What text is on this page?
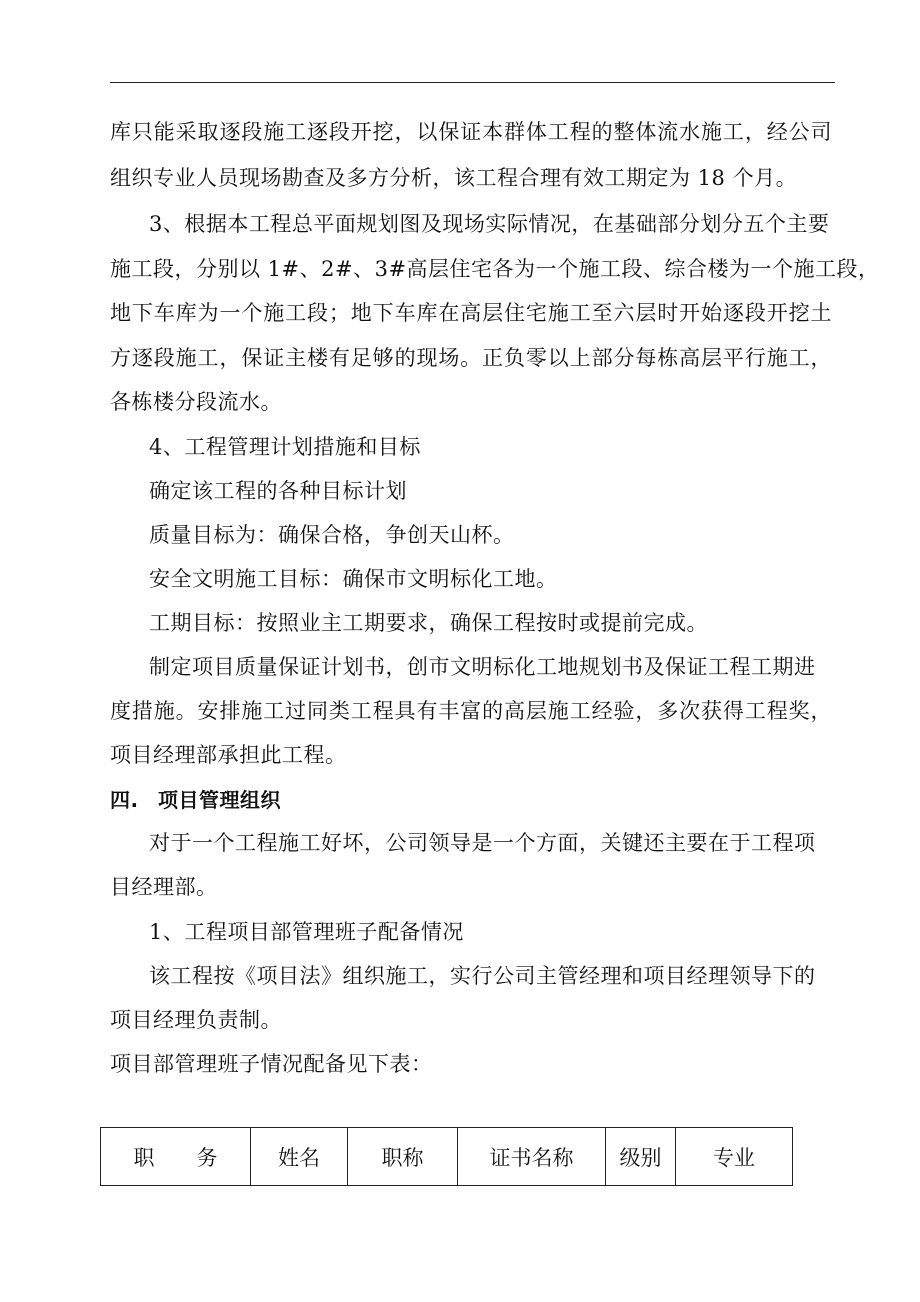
库只能采取逐段施工逐段开挖，以保证本群体工程的整体流水施工，经公司
组织专业人员现场勘查及多方分析，该工程合理有效工期定为 18 个月。
3、根据本工程总平面规划图及现场实际情况，在基础部分划分五个主要
施工段，分别以 1#、2#、3#高层住宅各为一个施工段、综合楼为一个施工段，
地下车库为一个施工段；地下车库在高层住宅施工至六层时开始逐段开挖土
方逐段施工，保证主楼有足够的现场。正负零以上部分每栋高层平行施工，
各栋楼分段流水。
4、工程管理计划措施和目标
确定该工程的各种目标计划
质量目标为：确保合格，争创天山杯。
安全文明施工目标：确保市文明标化工地。
工期目标：按照业主工期要求，确保工程按时或提前完成。
制定项目质量保证计划书，创市文明标化工地规划书及保证工程工期进
度措施。安排施工过同类工程具有丰富的高层施工经验，多次获得工程奖，
项目经理部承担此工程。
四. 项目管理组织
对于一个工程施工好坏，公司领导是一个方面，关键还主要在于工程项
目经理部。
1、工程项目部管理班子配备情况
该工程按《项目法》组织施工，实行公司主管经理和项目经理领导下的
项目经理负责制。
项目部管理班子情况配备见下表：
职　　务	姓名	职称	证书名称	级别	专业
